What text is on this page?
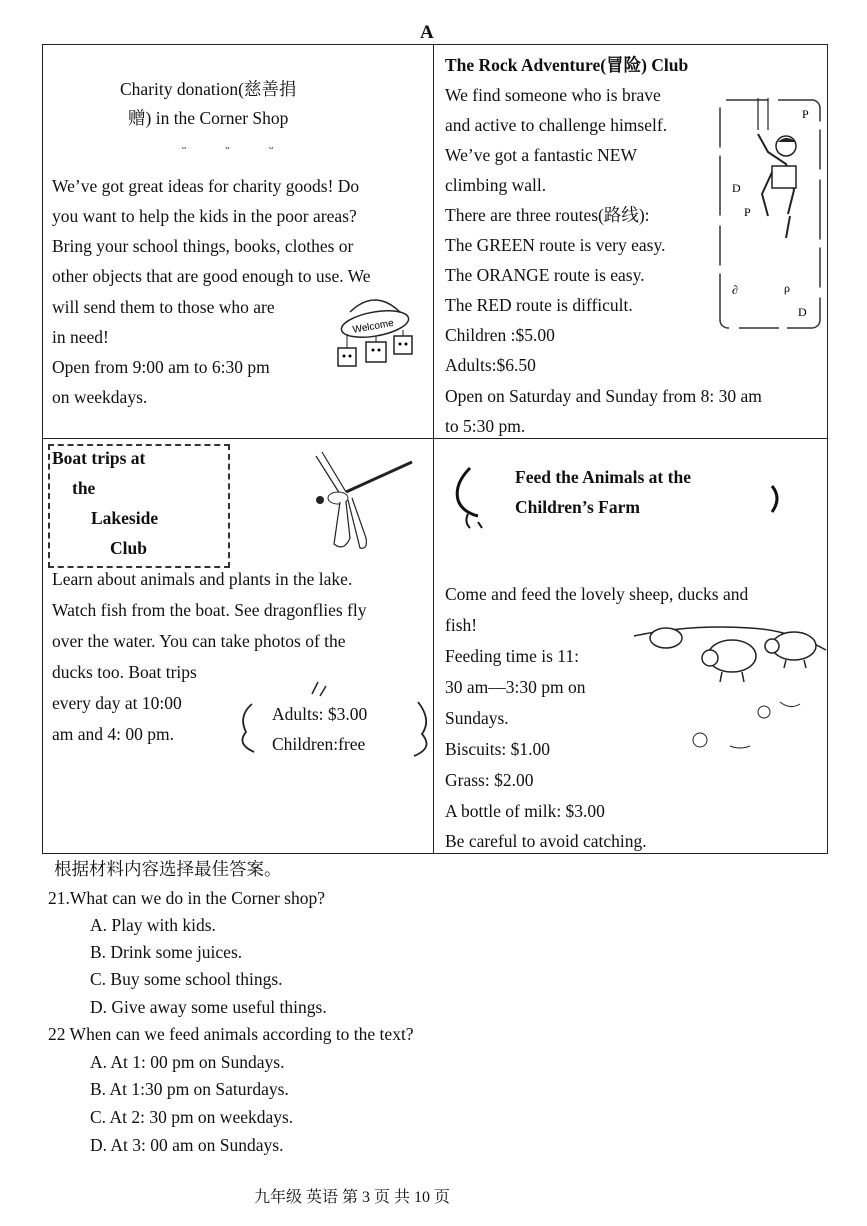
A
Charity donation(慈善捐
赠) in the Corner Shop
ᵕ ᵕ ᵕ
We’ve got great ideas for charity goods! Do
you want to help the kids in the poor areas?
Bring your school things, books, clothes or
other objects that are good enough to use. We
will send them to those who are
in need!
Open from 9:00 am to 6:30 pm
on weekdays.
Welcome
The Rock Adventure(冒险) Club
We find someone who is brave
and active to challenge himself.
We’ve got a fantastic NEW
climbing wall.
There are three routes(路线):
The GREEN route is very easy.
The ORANGE route is easy.
The RED route is difficult.
Children :$5.00
Adults:$6.50
Open on Saturday and Sunday from 8: 30 am
to 5:30 pm.
P
D
P
∂	ρ
D
Boat trips at
the
Lakeside
Club
Learn about animals and plants in the lake.
Watch fish from the boat. See dragonflies fly
over the water. You can take photos of the
ducks too. Boat trips
every day at 10:00
am and 4: 00 pm.
Adults: $3.00
Children:free
Feed the Animals at the
Children’s Farm
Come and feed the lovely sheep, ducks and
fish!
Feeding time is 11:
30 am—3:30 pm on
Sundays.
Biscuits: $1.00
Grass: $2.00
A bottle of milk: $3.00
Be careful to avoid catching.
根据材料内容选择最佳答案。
21.What can we do in the Corner shop?
A. Play with kids.
B. Drink some juices.
C. Buy some school things.
D. Give away some useful things.
22 When can we feed animals according to the text?
A. At 1: 00 pm on Sundays.
B. At 1:30 pm on Saturdays.
C. At 2: 30 pm on weekdays.
D. At 3: 00 am on Sundays.
九年级 英语 第 3 页 共 10 页
